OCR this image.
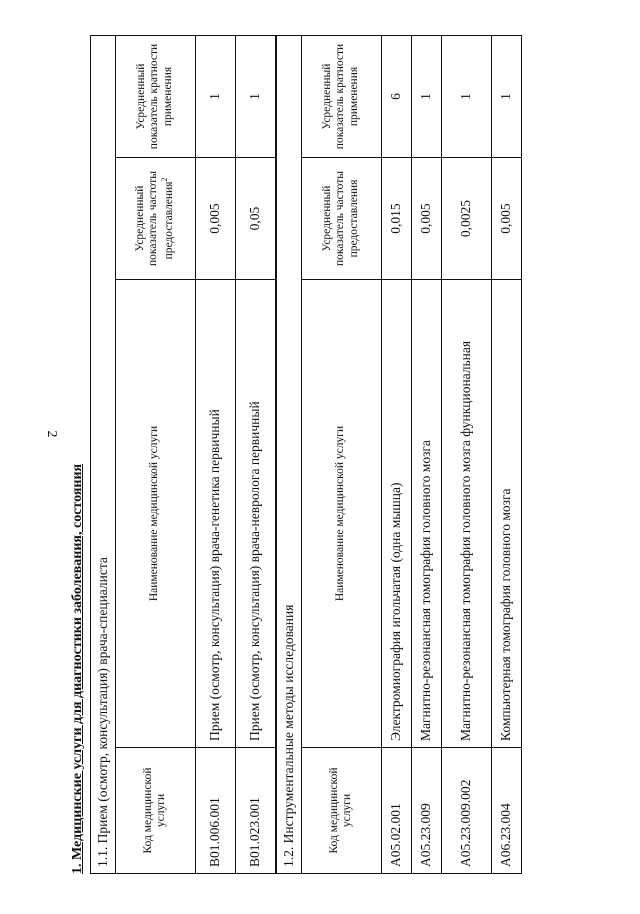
2
1. Медицинские услуги для диагностики заболевания, состояния 1.1. Прием (осмотр, консультация) врача-специалиста			
Код медицинской услуги	Наименование медицинской услуги	Усредненный показатель частоты предоставления$^2$	Усредненный показатель кратности применения
B01.006.001	Прием (осмотр, консультация) врача-генетика первичный	0,005	1
B01.023.001	Прием (осмотр, консультация) врача-невролога первичный	0,05	1
1.2. Инструментальные методы исследования			
Код медицинской услуги	Наименование медицинской услуги	Усредненный показатель частоты предоставления	Усредненный показатель кратности применения
A05.02.001	Электромиография игольчатая (одна мышца)	0,015	6
A05.23.009	Магнитно-резонансная томография головного мозга	0,005	1
A05.23.009.002	Магнитно-резонансная томография головного мозга функциональная	0,0025	1
A06.23.004	Компьютерная томография головного мозга	0,005	1
